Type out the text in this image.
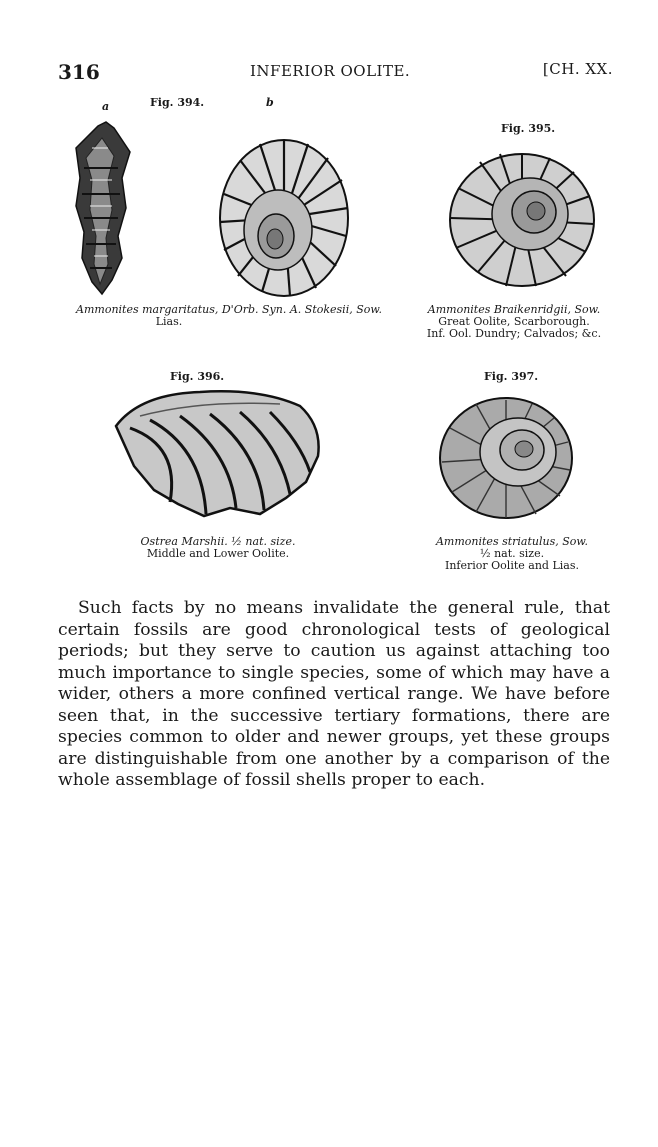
316	INFERIOR OOLITE.	[CH. XX.
a	Fig. 394.	b
Ammonites margaritatus, D'Orb. Syn. A. Stokesii, Sow.
Lias.
Fig. 395.
Ammonites Braikenridgii, Sow.
Great Oolite, Scarborough.
Inf. Ool. Dundry; Calvados; &c.
Fig. 396.
Ostrea Marshii. ½ nat. size.
Middle and Lower Oolite.
Fig. 397.
Ammonites striatulus, Sow.
½ nat. size.
Inferior Oolite and Lias.

Such facts by no means invalidate the general rule, that certain fossils are good chronological tests of geological periods; but they serve to caution us against attaching too much importance to single species, some of which may have a wider, others a more confined vertical range. We have before seen that, in the successive tertiary formations, there are species common to older and newer groups, yet these groups are distinguishable from one another by a comparison of the whole assemblage of fossil shells proper to each.
